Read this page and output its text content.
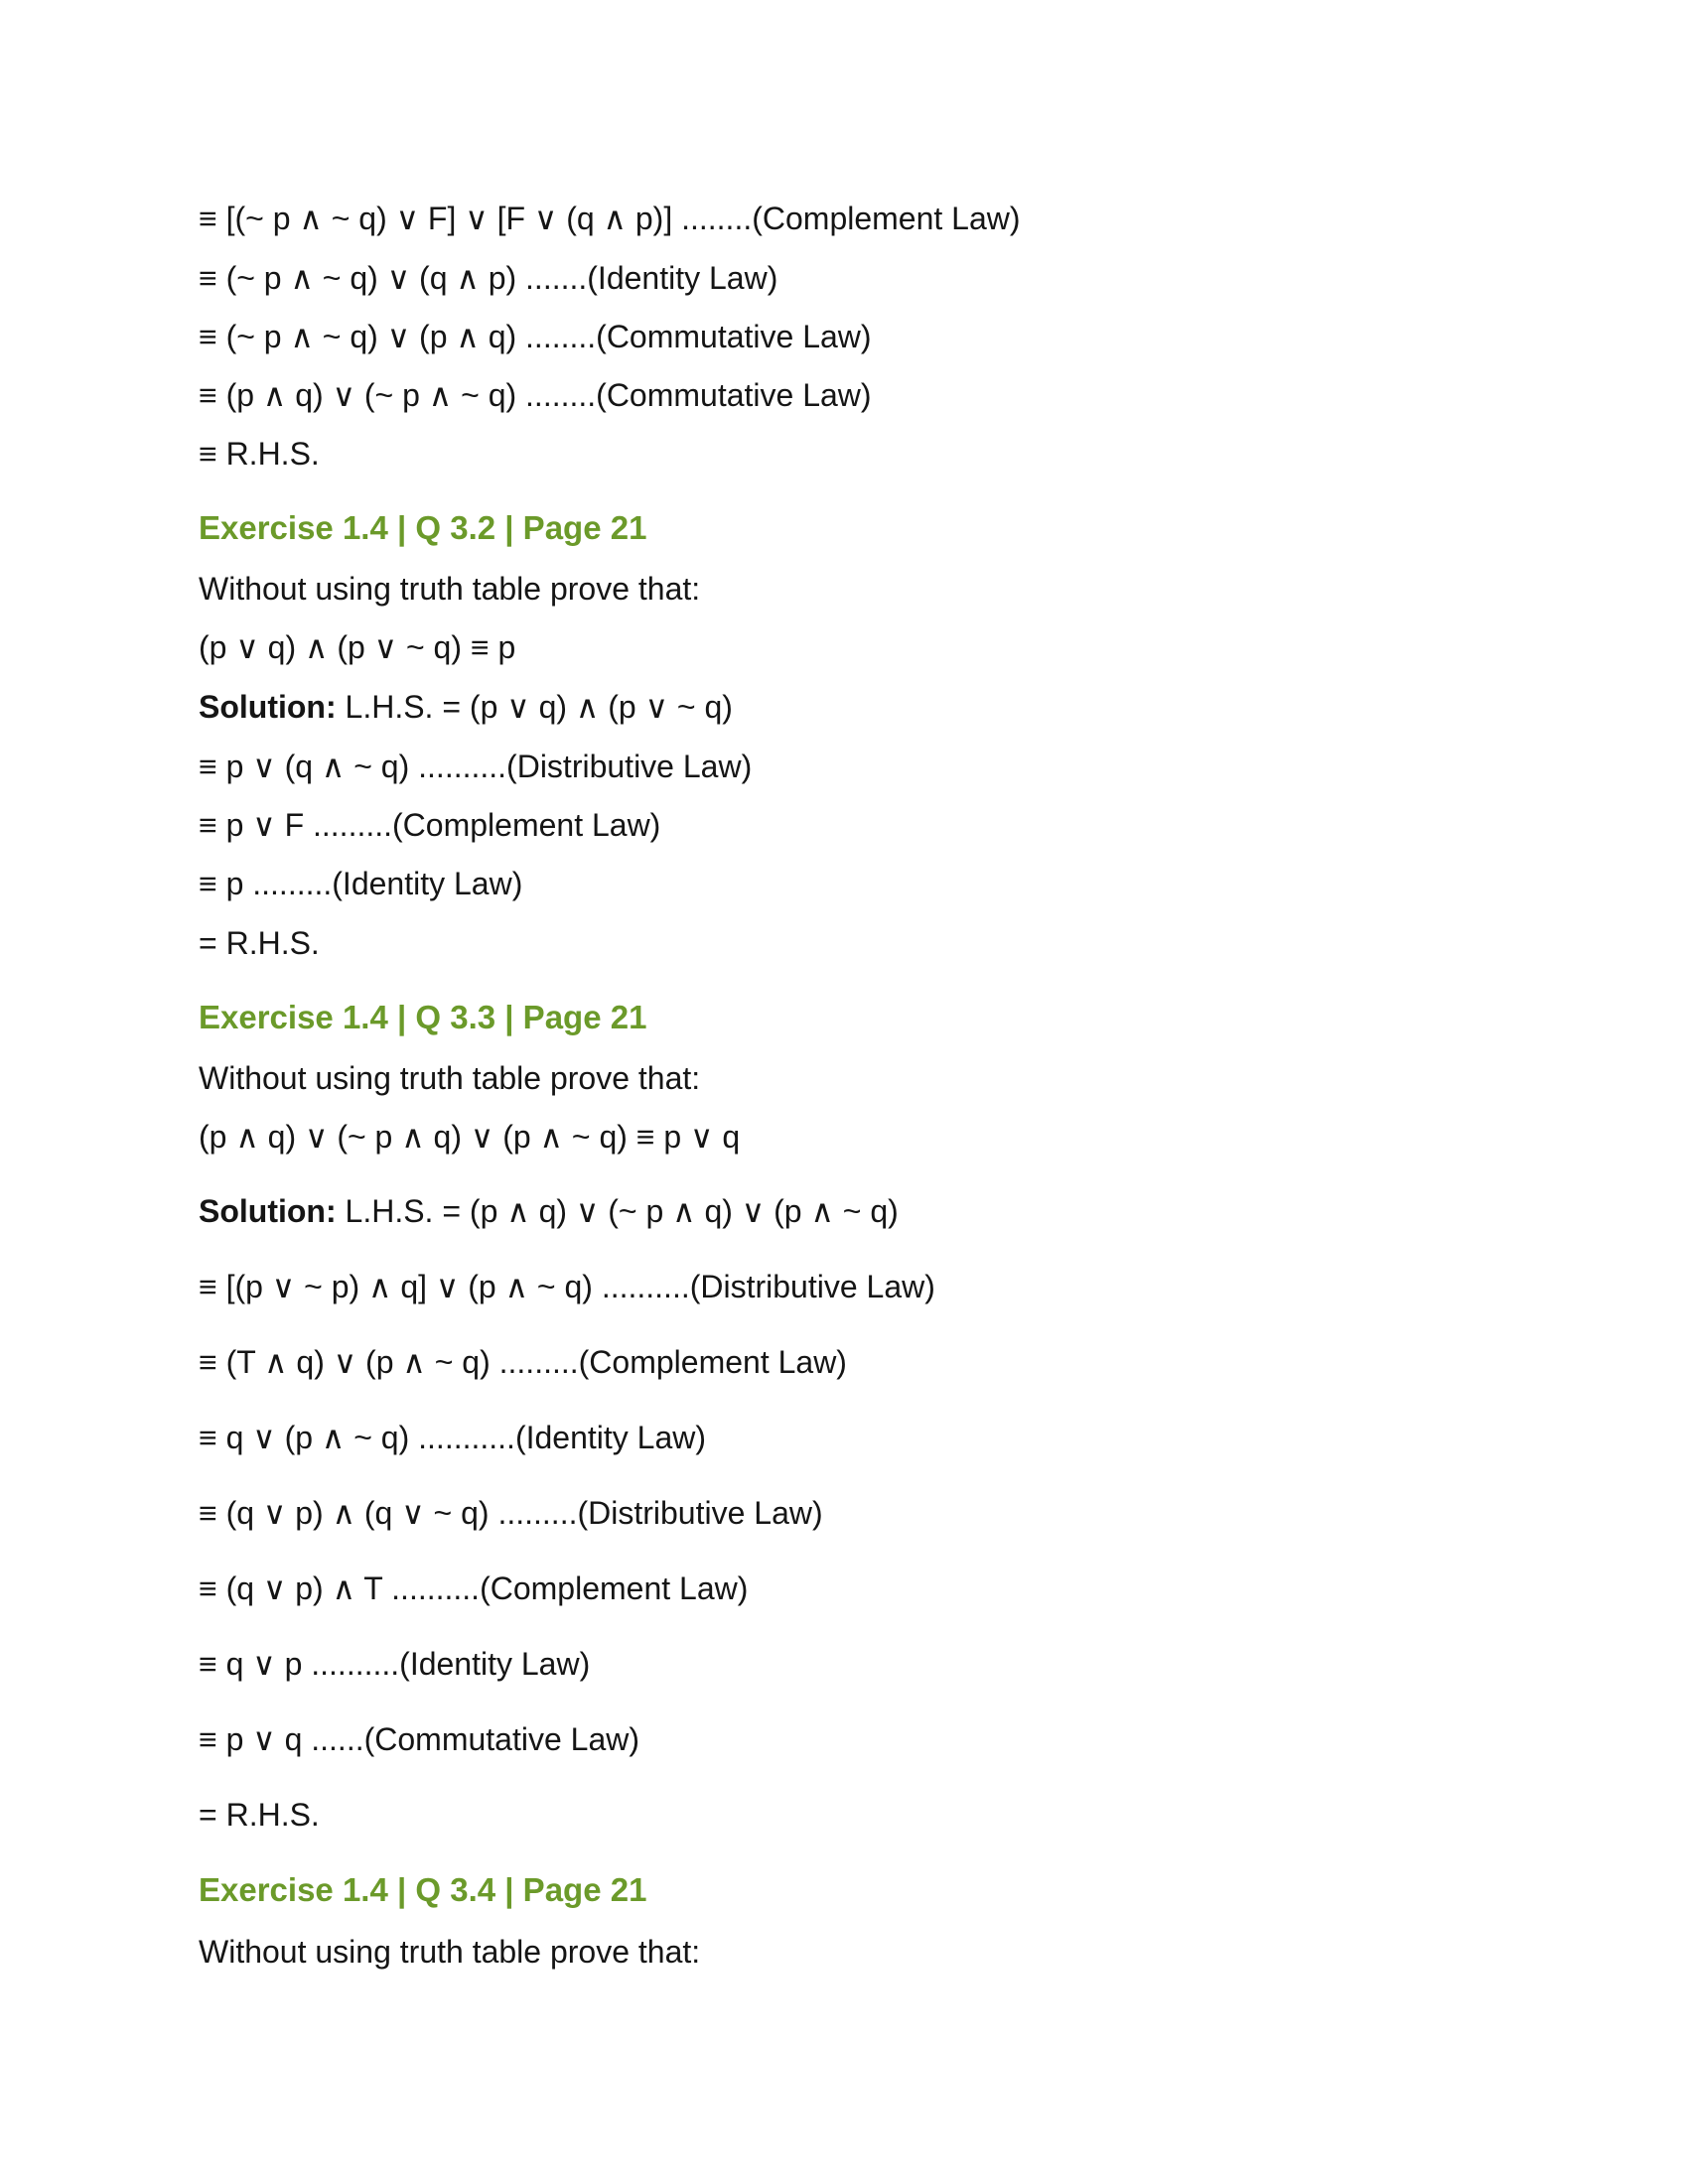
≡ [(~ p ∧ ~ q) ∨ F] ∨ [F ∨ (q ∧ p)] ........(Complement Law)
≡ (~ p ∧ ~ q) ∨ (q ∧ p) .......(Identity Law)
≡ (~ p ∧ ~ q) ∨ (p ∧ q) ........(Commutative Law)
≡ (p ∧ q) ∨ (~ p ∧ ~ q) ........(Commutative Law)
≡ R.H.S.
Exercise 1.4 | Q 3.2 | Page 21
Without using truth table prove that:
(p ∨ q) ∧ (p ∨ ~ q) ≡ p
Solution: L.H.S. = (p ∨ q) ∧ (p ∨ ~ q)
≡ p ∨ (q ∧ ~ q) ..........(Distributive Law)
≡ p ∨ F .........(Complement Law)
≡ p .........(Identity Law)
= R.H.S.
Exercise 1.4 | Q 3.3 | Page 21
Without using truth table prove that:
(p ∧ q) ∨ (~ p ∧ q) ∨ (p ∧ ~ q) ≡ p ∨ q
Solution: L.H.S. = (p ∧ q) ∨ (~ p ∧ q) ∨ (p ∧ ~ q)
≡ [(p ∨ ~ p) ∧ q] ∨ (p ∧ ~ q) ..........(Distributive Law)
≡ (T ∧ q) ∨ (p ∧ ~ q) .........(Complement Law)
≡ q ∨ (p ∧ ~ q) ...........(Identity Law)
≡ (q ∨ p) ∧ (q ∨ ~ q) .........(Distributive Law)
≡ (q ∨ p) ∧ T ..........(Complement Law)
≡ q ∨ p ..........(Identity Law)
≡ p ∨ q ......(Commutative Law)
= R.H.S.
Exercise 1.4 | Q 3.4 | Page 21
Without using truth table prove that:
